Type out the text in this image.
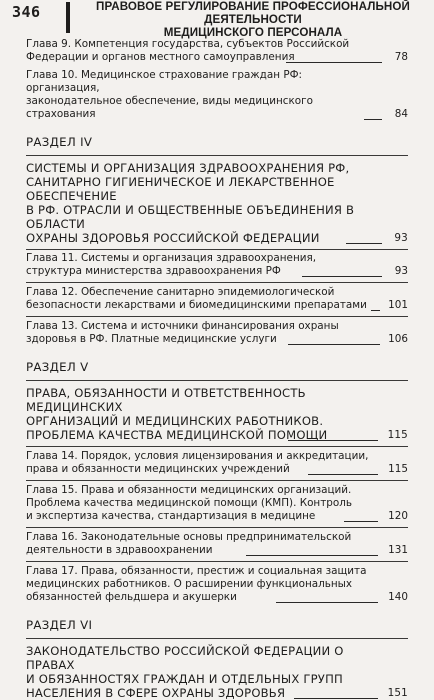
346	ПРАВОВОЕ РЕГУЛИРОВАНИЕ ПРОФЕССИОНАЛЬНОЙ ДЕЯТЕЛЬНОСТИ
МЕДИЦИНСКОГО ПЕРСОНАЛА
Глава 9. Компетенция государства, субъектов Российской
Федерации и органов местного самоуправления	78
Глава 10. Медицинское страхование граждан РФ: организация,
законодательное обеспечение, виды медицинского страхования	84
РАЗДЕЛ IV
СИСТЕМЫ И ОРГАНИЗАЦИЯ ЗДРАВООХРАНЕНИЯ РФ,
САНИТАРНО ГИГИЕНИЧЕСКОЕ И ЛЕКАРСТВЕННОЕ ОБЕСПЕЧЕНИЕ
В РФ. ОТРАСЛИ И ОБЩЕСТВЕННЫЕ ОБЪЕДИНЕНИЯ В ОБЛАСТИ
ОХРАНЫ ЗДОРОВЬЯ РОССИЙСКОЙ ФЕДЕРАЦИИ	93
Глава 11. Системы и организация здравоохранения,
структура министерства здравоохранения РФ	93
Глава 12. Обеспечение санитарно эпидемиологической
безопасности лекарствами и биомедицинскими препаратами	101
Глава 13. Система и источники финансирования охраны
здоровья в РФ. Платные медицинские услуги	106
РАЗДЕЛ V
ПРАВА, ОБЯЗАННОСТИ И ОТВЕТСТВЕННОСТЬ МЕДИЦИНСКИХ
ОРГАНИЗАЦИЙ И МЕДИЦИНСКИХ РАБОТНИКОВ.
ПРОБЛЕМА КАЧЕСТВА МЕДИЦИНСКОЙ ПОМОЩИ	115
Глава 14. Порядок, условия лицензирования и аккредитации,
права и обязанности медицинских учреждений	115
Глава 15. Права и обязанности медицинских организаций.
Проблема качества медицинской помощи (КМП). Контроль
и экспертиза качества, стандартизация в медицине	120
Глава 16. Законодательные основы предпринимательской
деятельности в здравоохранении	131
Глава 17. Права, обязанности, престиж и социальная защита
медицинских работников. О расширении функциональных
обязанностей фельдшера и акушерки	140
РАЗДЕЛ VI
ЗАКОНОДАТЕЛЬСТВО РОССИЙСКОЙ ФЕДЕРАЦИИ О ПРАВАХ
И ОБЯЗАННОСТЯХ ГРАЖДАН И ОТДЕЛЬНЫХ ГРУПП
НАСЕЛЕНИЯ В СФЕРЕ ОХРАНЫ ЗДОРОВЬЯ	151
